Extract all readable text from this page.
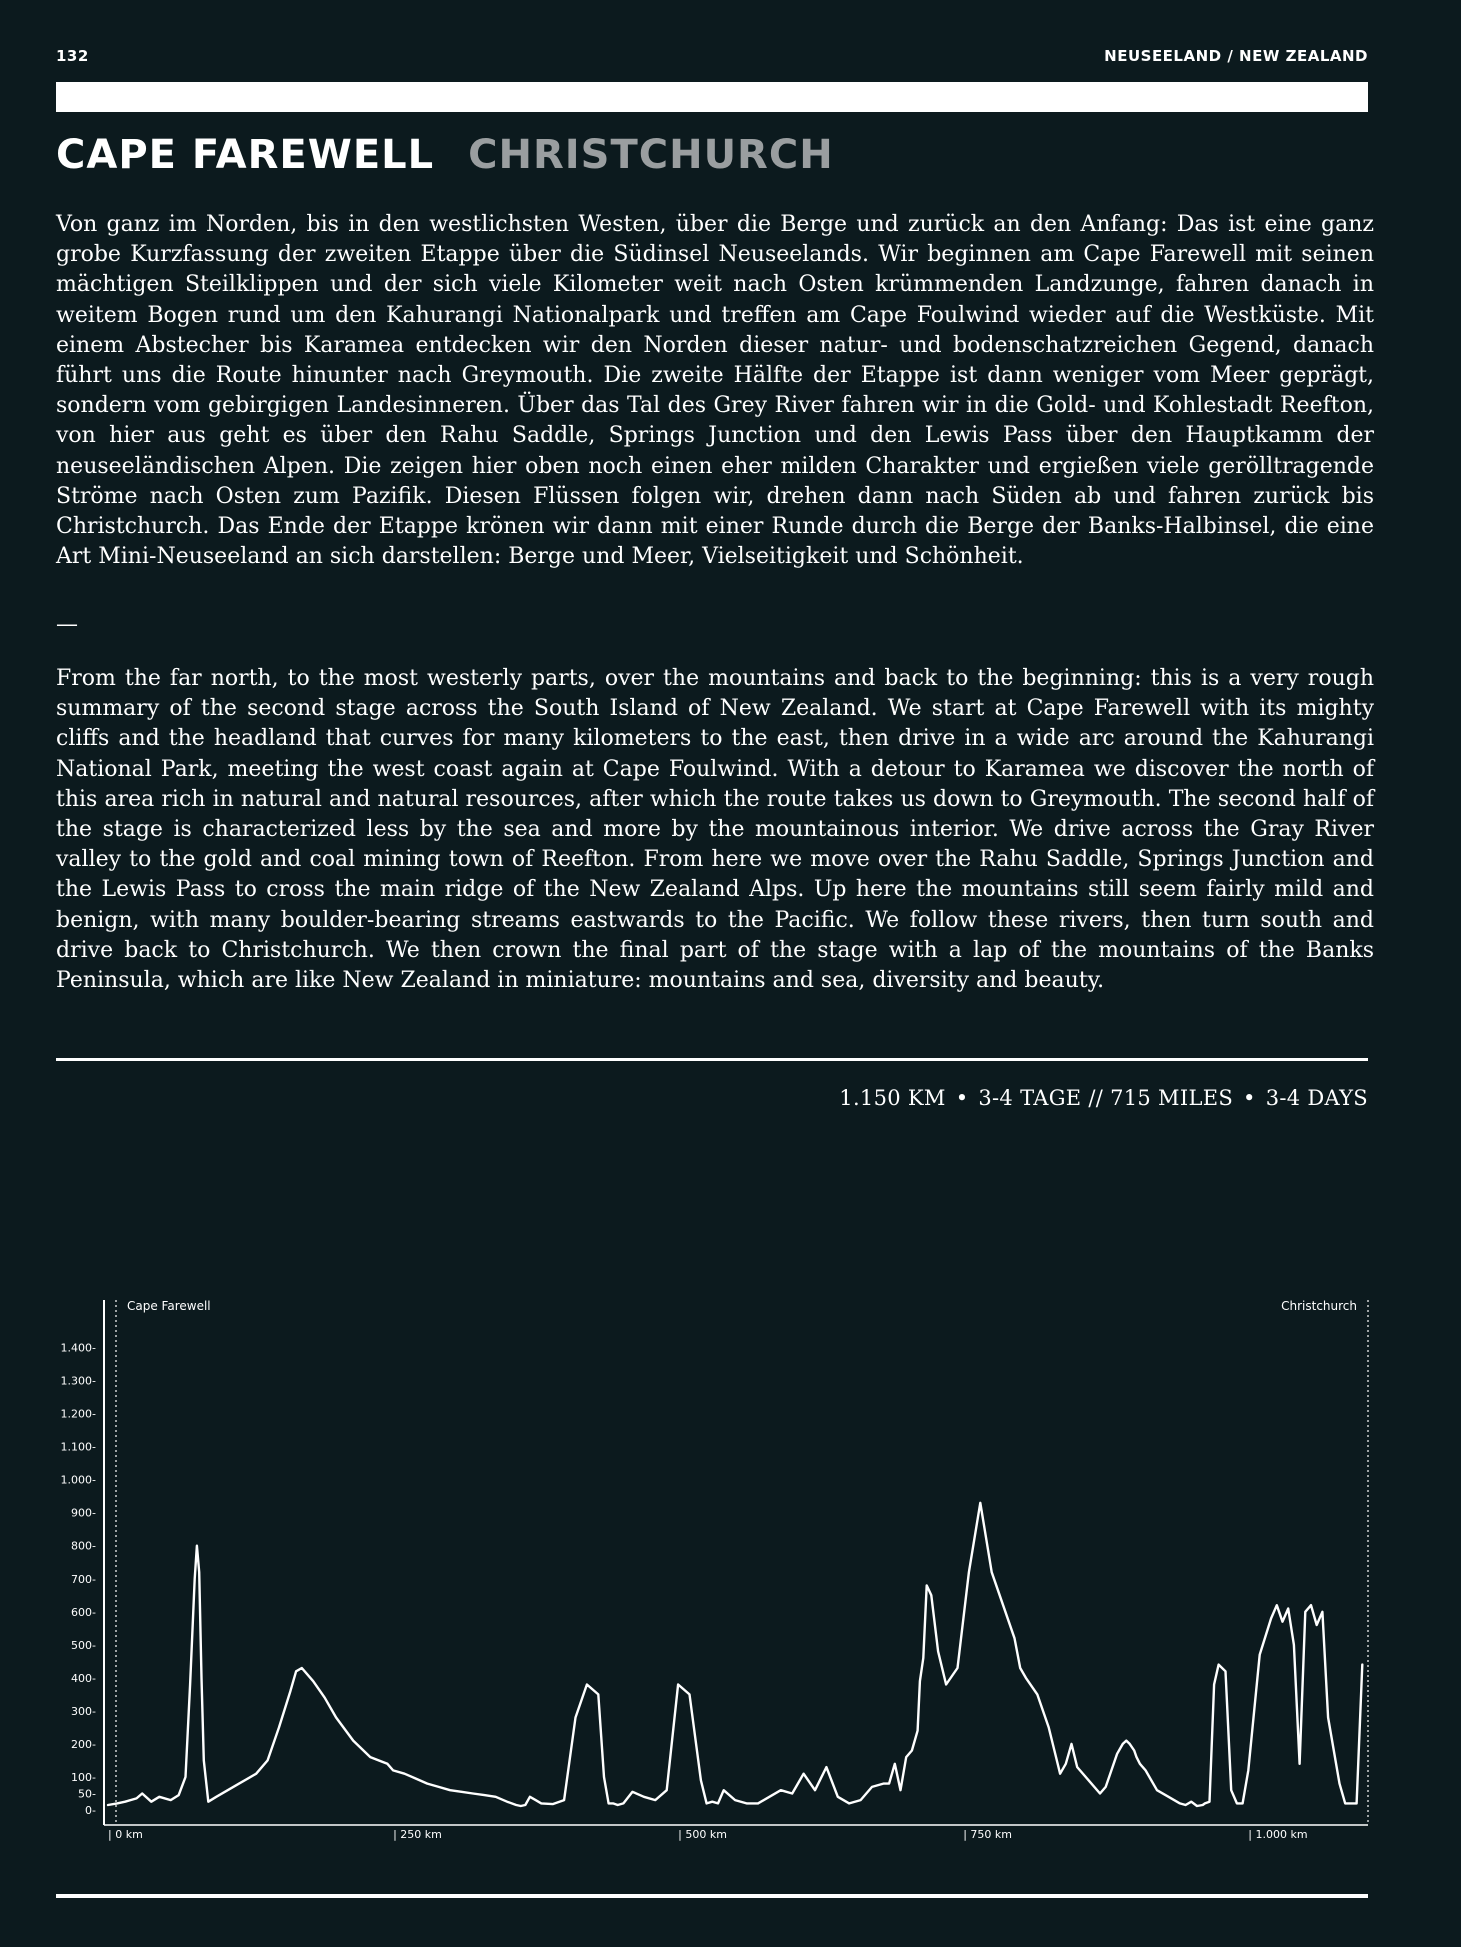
132	NEUSEELAND / NEW ZEALAND
CAPE FAREWELL CHRISTCHURCH

Von ganz im Norden, bis in den westlichsten Westen, über die Berge und zurück an den Anfang: Das ist eine ganz grobe Kurzfassung der zweiten Etappe über die Südinsel Neuseelands. Wir beginnen am Cape Farewell mit seinen mächtigen Steilklippen und der sich viele Kilometer weit nach Osten krümmenden Landzunge, fahren danach in weitem Bogen rund um den Kahurangi Nationalpark und treffen am Cape Foulwind wieder auf die Westküste. Mit einem Abstecher bis Karamea entdecken wir den Norden dieser natur- und bodenschatzreichen Gegend, danach führt uns die Route hinunter nach Greymouth. Die zweite Hälfte der Etappe ist dann weniger vom Meer geprägt, sondern vom gebirgigen Landesinneren. Über das Tal des Grey River fahren wir in die Gold- und Kohlestadt Reefton, von hier aus geht es über den Rahu Saddle, Springs Junction und den Lewis Pass über den Hauptkamm der neuseeländischen Alpen. Die zeigen hier oben noch einen eher milden Charakter und ergießen viele gerölltragende Ströme nach Osten zum Pazifik. Diesen Flüssen folgen wir, drehen dann nach Süden ab und fahren zurück bis Christchurch. Das Ende der Etappe krönen wir dann mit einer Runde durch die Berge der Banks-Halbinsel, die eine Art Mini-Neuseeland an sich darstellen: Berge und Meer, Vielseitigkeit und Schönheit.

—

From the far north, to the most westerly parts, over the mountains and back to the beginning: this is a very rough summary of the second stage across the South Island of New Zealand. We start at Cape Farewell with its mighty cliffs and the headland that curves for many kilometers to the east, then drive in a wide arc around the Kahurangi National Park, meeting the west coast again at Cape Foulwind. With a detour to Karamea we discover the north of this area rich in natural and natural resources, after which the route takes us down to Greymouth. The second half of the stage is characterized less by the sea and more by the mountainous interior. We drive across the Gray River valley to the gold and coal mining town of Reefton. From here we move over the Rahu Saddle, Springs Junction and the Lewis Pass to cross the main ridge of the New Zealand Alps. Up here the mountains still seem fairly mild and benign, with many boulder-bearing streams eastwards to the Pacific. We follow these rivers, then turn south and drive back to Christchurch. We then crown the final part of the stage with a lap of the mountains of the Banks Peninsula, which are like New Zealand in miniature: mountains and sea, diversity and beauty.

1.150 KM • 3-4 TAGE // 715 MILES • 3-4 DAYS
Cape Farewell	Christchurch
0-
50-
100-
200-
300-
400-
500-
600-
700-
800-
900-
1.000-
1.100-
1.200-
1.300-
1.400-
| 0 km	| 250 km	| 500 km	| 750 km	| 1.000 km
